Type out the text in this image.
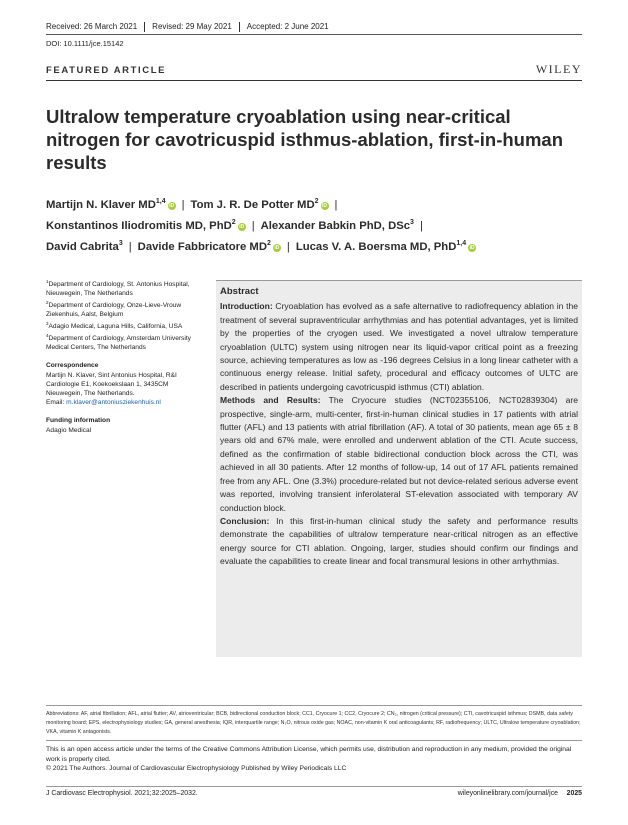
Received: 26 March 2021	Revised: 29 May 2021	Accepted: 2 June 2021
DOI: 10.1111/jce.15142
FEATURED ARTICLE	WILEY
Ultralow temperature cryoablation using near-critical nitrogen for cavotricuspid isthmus-ablation, first-in-human results
Martijn N. Klaver MD$^{1,4}$iD | Tom J. R. De Potter $MD^2iD$ |
Konstantinos Iliodromitis MD, PhD$^2$iD | Alexander Babkin PhD, DSc$^3$ |
David Cabrita$^3$ | Davide Fabbricatore $MD^2iD$ | Lucas V. A. Boersma MD, PhD$^{1,4}$iD

$^1$Department of Cardiology, St. Antonius Hospital, Nieuwegein, The Netherlands

$^2$Department of Cardiology, Onze-Lieve-Vrouw Ziekenhuis, Aalst, Belgium

$^3$Adagio Medical, Laguna Hills, California, USA

$^4$Department of Cardiology, Amsterdam University Medical Centers, The Netherlands

Correspondence

Martijn N. Klaver, Sint Antonius Hospital, R&I Cardiologie E1, Koekoekslaan 1, 3435CM Nieuwegein, The Netherlands.
Email: m.klaver@antoniusziekenhuis.nl

Funding information

Adagio Medical

Abstract

Introduction: Cryoablation has evolved as a safe alternative to radiofrequency ablation in the treatment of several supraventricular arrhythmias and has potential advantages, yet is limited by the properties of the cryogen used. We investigated a novel ultralow temperature cryoablation (ULTC) system using nitrogen near its liquid-vapor critical point as a freezing source, achieving temperatures as low as -196 degrees Celsius in a long linear catheter with a continuous energy release. Initial safety, procedural and efficacy outcomes of ULTC are described in patients undergoing cavotricuspid isthmus (CTI) ablation.

Methods and Results: The Cryocure studies (NCT02355106, NCT02839304) are prospective, single-arm, multi-center, first-in-human clinical studies in 17 patients with atrial flutter (AFL) and 13 patients with atrial fibrillation (AF). A total of 30 patients, mean age 65 ± 8 years old and 67% male, were enrolled and underwent ablation of the CTI. Acute success, defined as the confirmation of stable bidirectional conduction block across the CTI, was achieved in all 30 patients. After 12 months of follow-up, 14 out of 17 AFL patients remained free from any AFL. One (3.3%) procedure-related but not device-related serious adverse event was reported, involving transient inferolateral ST-elevation associated with temporary AV conduction block.

Conclusion: In this first-in-human clinical study the safety and performance results demonstrate the capabilities of ultralow temperature near-critical nitrogen as an effective energy source for CTI ablation. Ongoing, larger, studies should confirm our findings and evaluate the capabilities to create linear and focal transmural lesions in other arrhythmias.

Abbreviations: AF, atrial fibrillation; AFL, atrial flutter; AV, atrioventricular; BCB, bidirectional conduction block; CC1, Cryocure 1; CC2, Cryocure 2; CN₂, nitrogen (critical pressure); CTI, cavotricuspid isthmus; DSMB, data safety monitoring board; EPS, electrophysiology studies; GA, general anesthesia; IQR, interquartile range; N₂O, nitrous oxide gas; NOAC, non-vitamin K oral anticoagulants; RF, radiofrequency; ULTC, Ultralow temperature cryoablation; VKA, vitamin K antagonists.

This is an open access article under the terms of the Creative Commons Attribution License, which permits use, distribution and reproduction in any medium, provided the original work is properly cited.

© 2021 The Authors. Journal of Cardiovascular Electrophysiology Published by Wiley Periodicals LLC

J Cardiovasc Electrophysiol. 2021;32:2025–2032.	wileyonlinelibrary.com/journal/jce 2025
